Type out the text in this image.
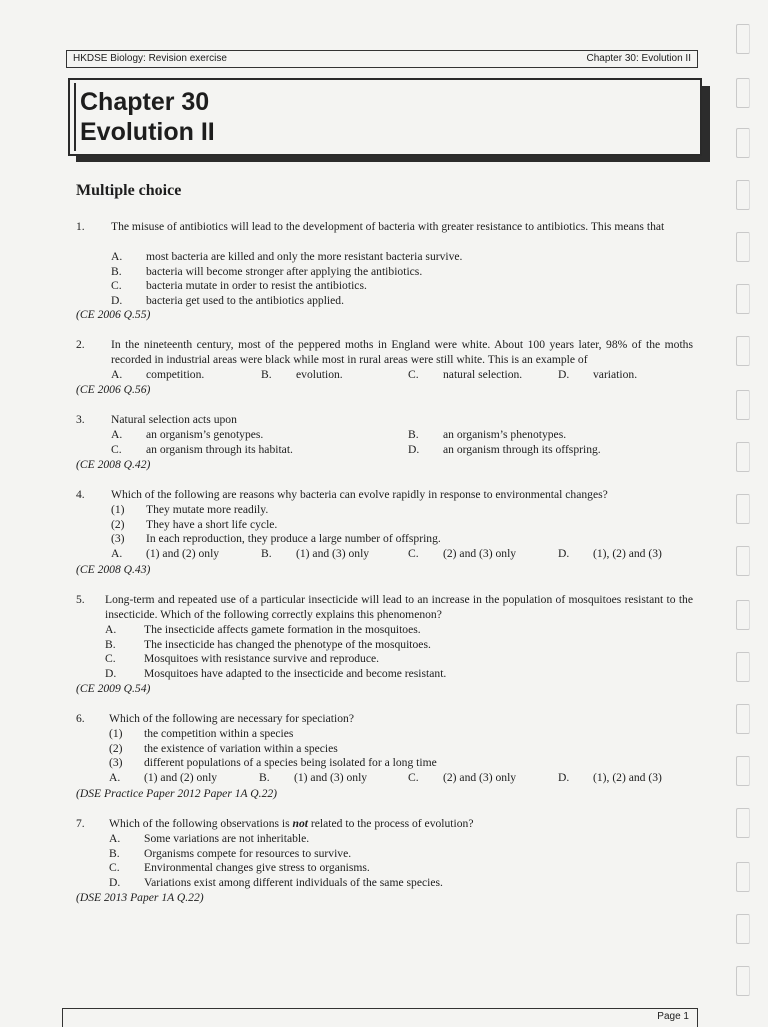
HKDSE Biology: Revision exercise	Chapter 30: Evolution II
Chapter 30
Evolution II
Multiple choice
1. The misuse of antibiotics will lead to the development of bacteria with greater resistance to antibiotics. This means that
A. most bacteria are killed and only the more resistant bacteria survive.
B. bacteria will become stronger after applying the antibiotics.
C. bacteria mutate in order to resist the antibiotics.
D. bacteria get used to the antibiotics applied.
(CE 2006 Q.55)
2. In the nineteenth century, most of the peppered moths in England were white. About 100 years later, 98% of the moths recorded in industrial areas were black while most in rural areas were still white. This is an example of
A. competition.	B. evolution.	C. natural selection.	D. variation.
(CE 2006 Q.56)
3. Natural selection acts upon
A. an organism’s genotypes.	B. an organism’s phenotypes.
C. an organism through its habitat.	D. an organism through its offspring.
(CE 2008 Q.42)
4. Which of the following are reasons why bacteria can evolve rapidly in response to environmental changes?
(1) They mutate more readily.
(2) They have a short life cycle.
(3) In each reproduction, they produce a large number of offspring.
A. (1) and (2) only	B. (1) and (3) only	C. (2) and (3) only	D. (1), (2) and (3)
(CE 2008 Q.43)
5. Long-term and repeated use of a particular insecticide will lead to an increase in the population of mosquitoes resistant to the insecticide. Which of the following correctly explains this phenomenon?
A. The insecticide affects gamete formation in the mosquitoes.
B. The insecticide has changed the phenotype of the mosquitoes.
C. Mosquitoes with resistance survive and reproduce.
D. Mosquitoes have adapted to the insecticide and become resistant.
(CE 2009 Q.54)
6. Which of the following are necessary for speciation?
(1) the competition within a species
(2) the existence of variation within a species
(3) different populations of a species being isolated for a long time
A. (1) and (2) only	B. (1) and (3) only	C. (2) and (3) only	D. (1), (2) and (3)
(DSE Practice Paper 2012 Paper 1A Q.22)
7. Which of the following observations is not related to the process of evolution?
A. Some variations are not inheritable.
B. Organisms compete for resources to survive.
C. Environmental changes give stress to organisms.
D. Variations exist among different individuals of the same species.
(DSE 2013 Paper 1A Q.22)
Page 1
